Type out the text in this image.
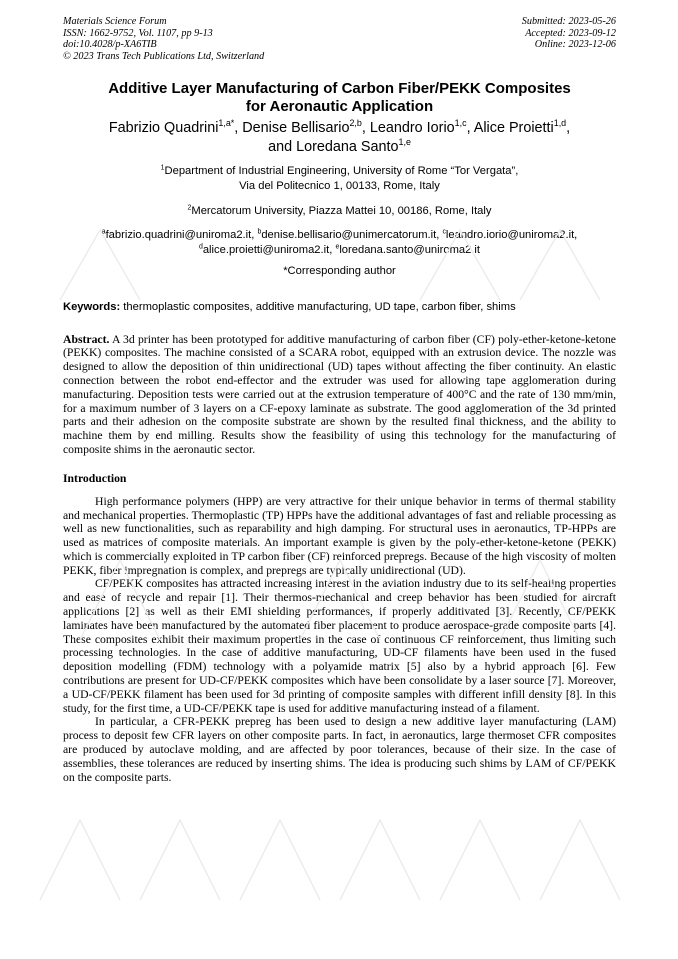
Materials Science Forum
ISSN: 1662-9752, Vol. 1107, pp 9-13
doi:10.4028/p-XA6TIB
© 2023 Trans Tech Publications Ltd, Switzerland
Submitted: 2023-05-26
Accepted: 2023-09-12
Online: 2023-12-06
Additive Layer Manufacturing of Carbon Fiber/PEKK Composites
for Aeronautic Application
Fabrizio Quadrini$^{1,a*}$, Denise Bellisario$^{2,b}$, Leandro Iorio$^{1,c}$, Alice Proietti$^{1,d}$,
and Loredana Santo$^{1,e}$
$^1$Department of Industrial Engineering, University of Rome “Tor Vergata”,
Via del Politecnico 1, 00133, Rome, Italy
$^2$Mercatorum University, Piazza Mattei 10, 00186, Rome, Italy
$^a$fabrizio.quadrini@uniroma2.it, $^b$denise.bellisario@unimercatorum.it, $^c$leandro.iorio@uniroma2.it,
$^d$alice.proietti@uniroma2.it, $^e$loredana.santo@uniroma2.it
*Corresponding author
Keywords: thermoplastic composites, additive manufacturing, UD tape, carbon fiber, shims
Abstract. A 3d printer has been prototyped for additive manufacturing of carbon fiber (CF) poly-ether-ketone-ketone (PEKK) composites. The machine consisted of a SCARA robot, equipped with an extrusion device. The nozzle was designed to allow the deposition of thin unidirectional (UD) tapes without affecting the fiber continuity. An elastic connection between the robot end-effector and the extruder was used for allowing tape agglomeration during manufacturing. Deposition tests were carried out at the extrusion temperature of 400°C and the rate of 130 mm/min, for a maximum number of 3 layers on a CF-epoxy laminate as substrate. The good agglomeration of the 3d printed parts and their adhesion on the composite substrate are shown by the resulted final thickness, and the ability to machine them by end milling. Results show the feasibility of using this technology for the manufacturing of composite shims in the aeronautic sector.
Introduction

High performance polymers (HPP) are very attractive for their unique behavior in terms of thermal stability and mechanical properties. Thermoplastic (TP) HPPs have the additional advantages of fast and reliable processing as well as new functionalities, such as reparability and high damping. For structural uses in aeronautics, TP-HPPs are used as matrices of composite materials. An important example is given by the poly-ether-ketone-ketone (PEKK) which is commercially exploited in TP carbon fiber (CF) reinforced prepregs. Because of the high viscosity of molten PEKK, fiber impregnation is complex, and prepregs are typically unidirectional (UD).

CF/PEKK composites has attracted increasing interest in the aviation industry due to its self-healing properties and ease of recycle and repair [1]. Their thermos-mechanical and creep behavior has been studied for aircraft applications [2] as well as their EMI shielding performances, if properly additivated [3]. Recently, CF/PEKK laminates have been manufactured by the automated fiber placement to produce aerospace-grade composite parts [4]. These composites exhibit their maximum properties in the case of continuous CF reinforcement, thus limiting such processing technologies. In the case of additive manufacturing, UD-CF filaments have been used in the fused deposition modelling (FDM) technology with a polyamide matrix [5] also by a hybrid approach [6]. Few contributions are present for UD-CF/PEKK composites which have been consolidate by a laser source [7]. Moreover, a UD-CF/PEKK filament has been used for 3d printing of composite samples with different infill density [8]. In this study, for the first time, a UD-CF/PEKK tape is used for additive manufacturing instead of a filament.

In particular, a CFR-PEKK prepreg has been used to design a new additive layer manufacturing (LAM) process to deposit few CFR layers on other composite parts. In fact, in aeronautics, large thermoset CFR composites are produced by autoclave molding, and are affected by poor tolerances, because of their size. In the case of assemblies, these tolerances are reduced by inserting shims. The idea is producing such shims by LAM of CF/PEKK on the composite parts.
